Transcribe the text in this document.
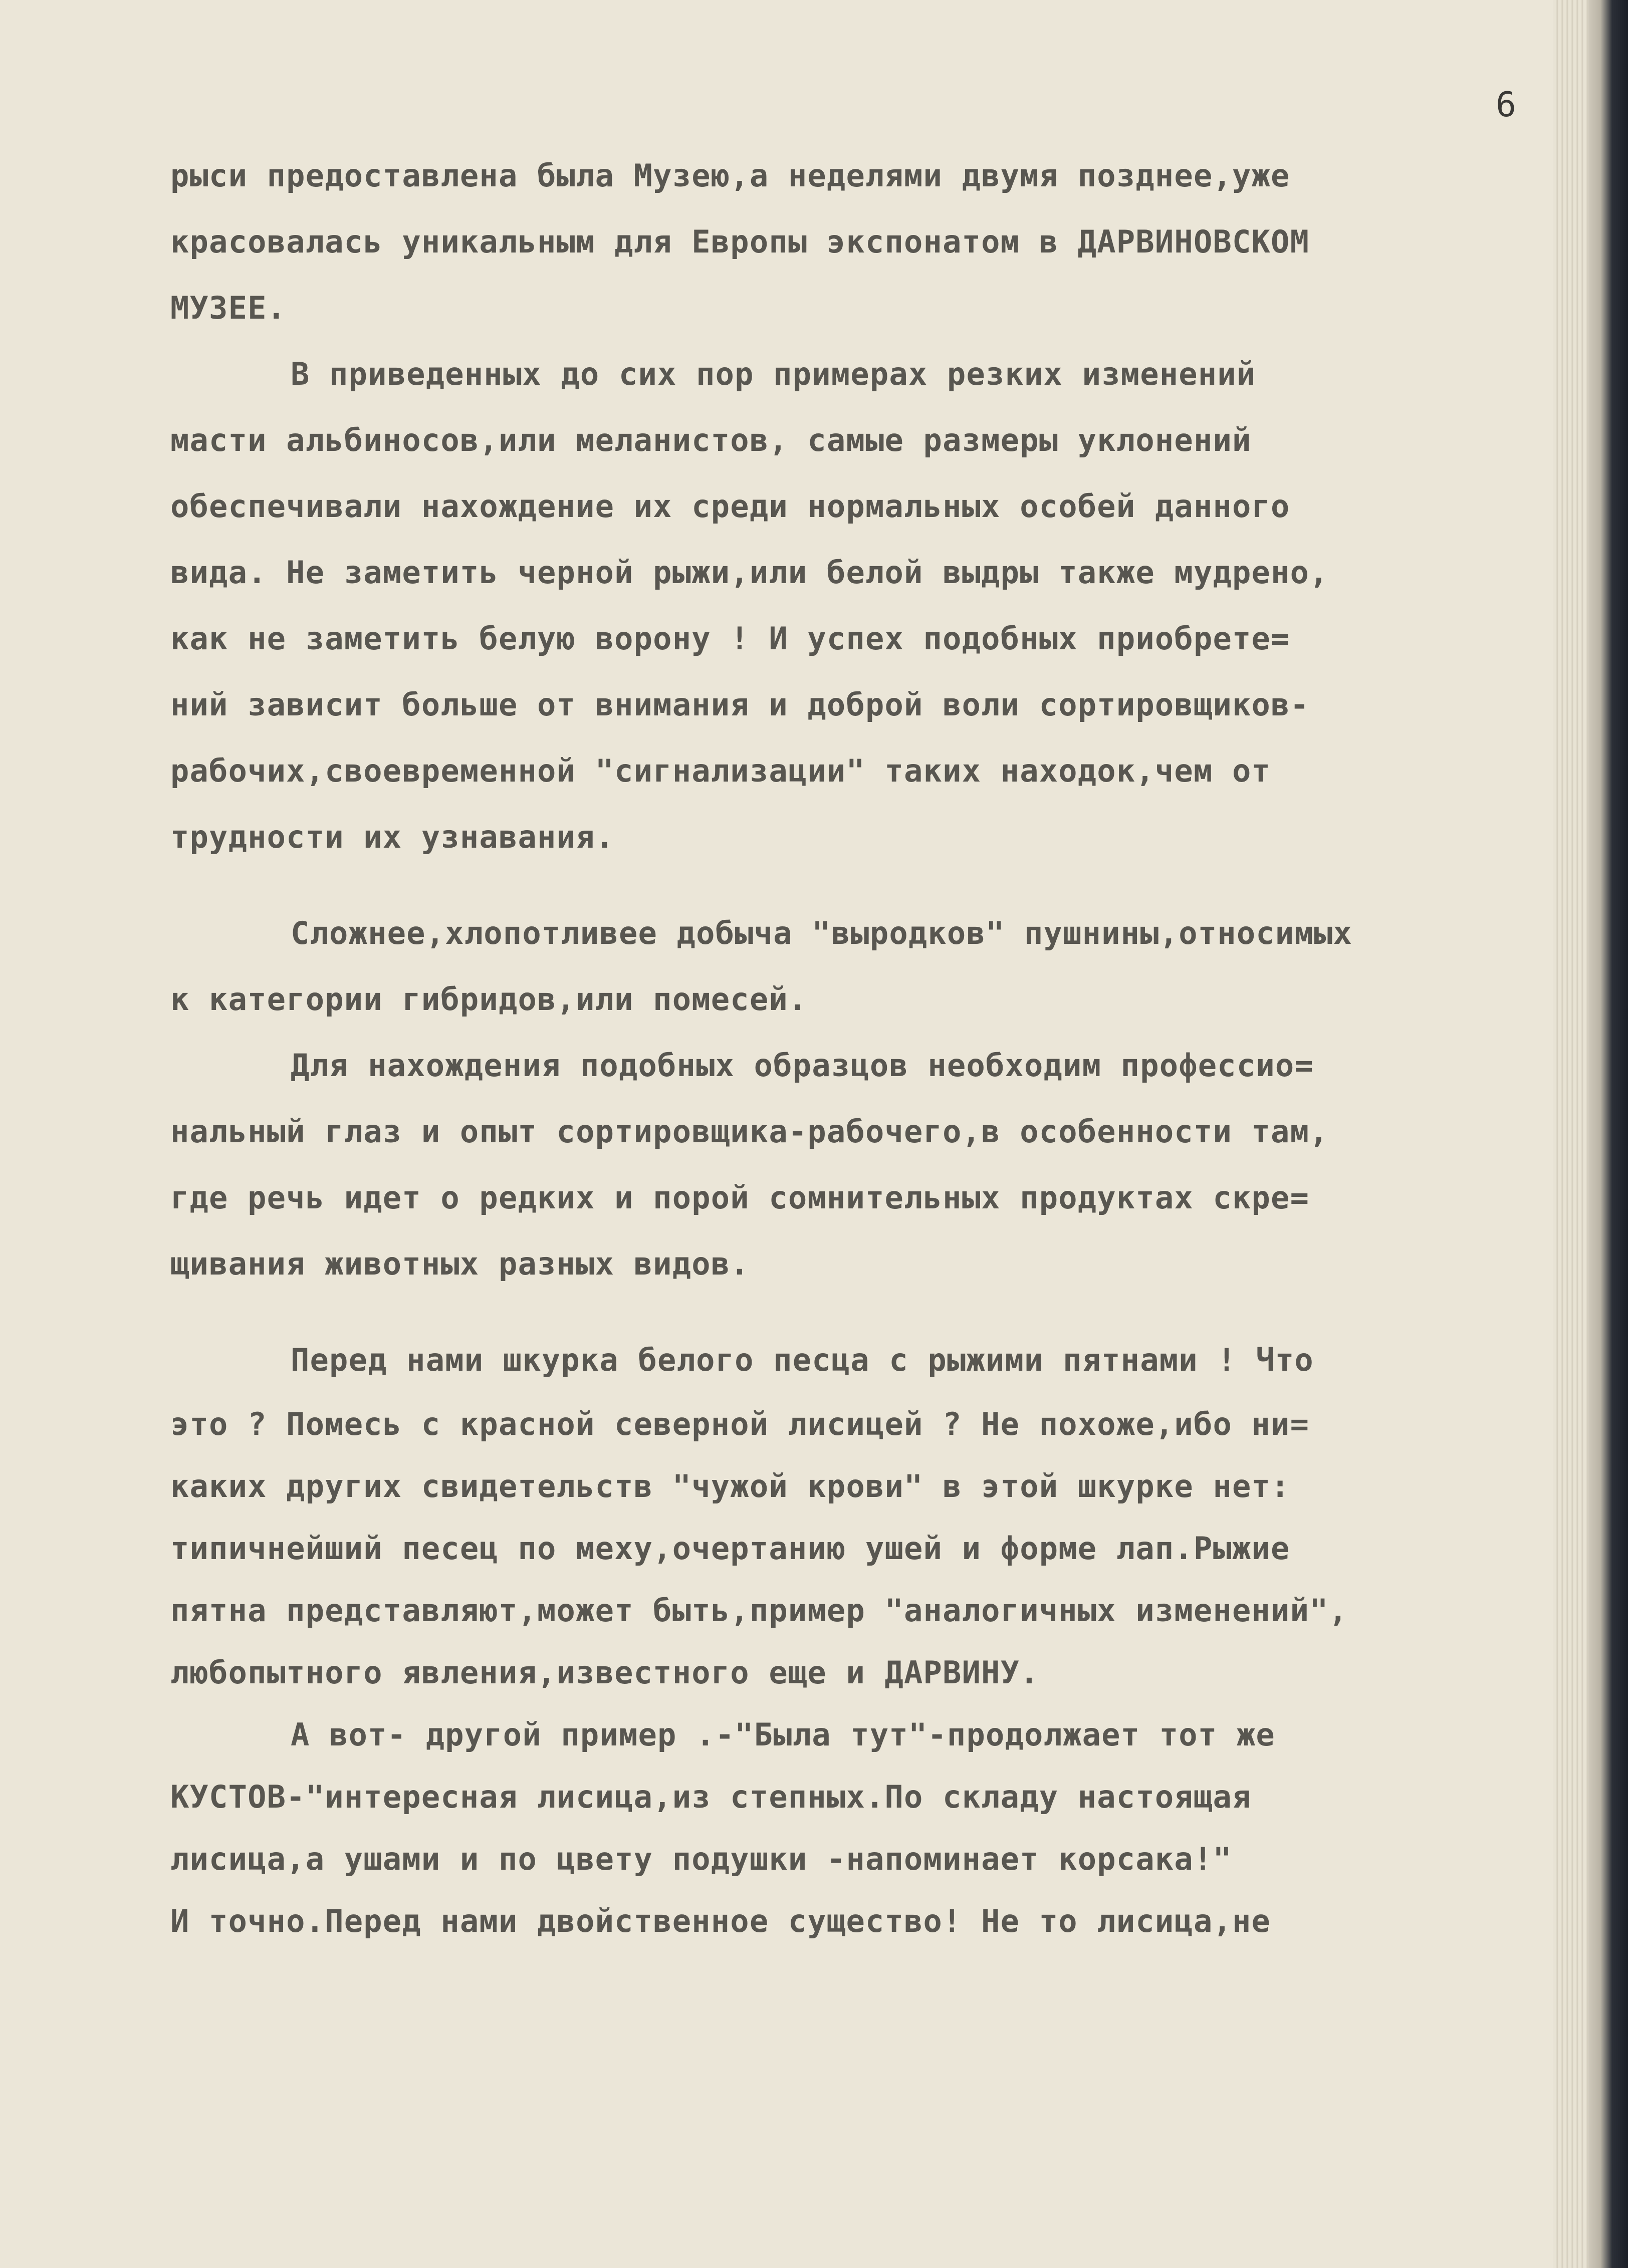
6
рыси предоставлена была Музею,а неделями двумя позднее,уже
красовалась уникальным для Европы экспонатом в ДАРВИНОВСКОМ
МУЗЕЕ.
В приведенных до сих пор примерах резких изменений
масти альбиносов,или меланистов, самые размеры уклонений
обеспечивали нахождение их среди нормальных особей данного
вида. Не заметить черной рыжи,или белой выдры также мудрено,
как не заметить белую ворону ! И успех подобных приобрете=
ний зависит больше от внимания и доброй воли сортировщиков-
рабочих,своевременной "сигнализации" таких находок,чем от
трудности их узнавания.
Сложнее,хлопотливее добыча "выродков" пушнины,относимых
к категории гибридов,или помесей.
Для нахождения подобных образцов необходим профессио=
нальный глаз и опыт сортировщика-рабочего,в особенности там,
где речь идет о редких и порой сомнительных продуктах скре=
щивания животных разных видов.
Перед нами шкурка белого песца с рыжими пятнами ! Что
это ? Помесь с красной северной лисицей ? Не похоже,ибо ни=
каких других свидетельств "чужой крови" в этой шкурке нет:
типичнейший песец по меху,очертанию ушей и форме лап.Рыжие
пятна представляют,может быть,пример "аналогичных изменений",
любопытного явления,известного еще и ДАРВИНУ.
А вот- другой пример .-"Была тут"-продолжает тот же
КУСТОВ-"интересная лисица,из степных.По складу настоящая
лисица,а ушами и по цвету подушки -напоминает корсака!"
И точно.Перед нами двойственное существо! Не то лисица,не
